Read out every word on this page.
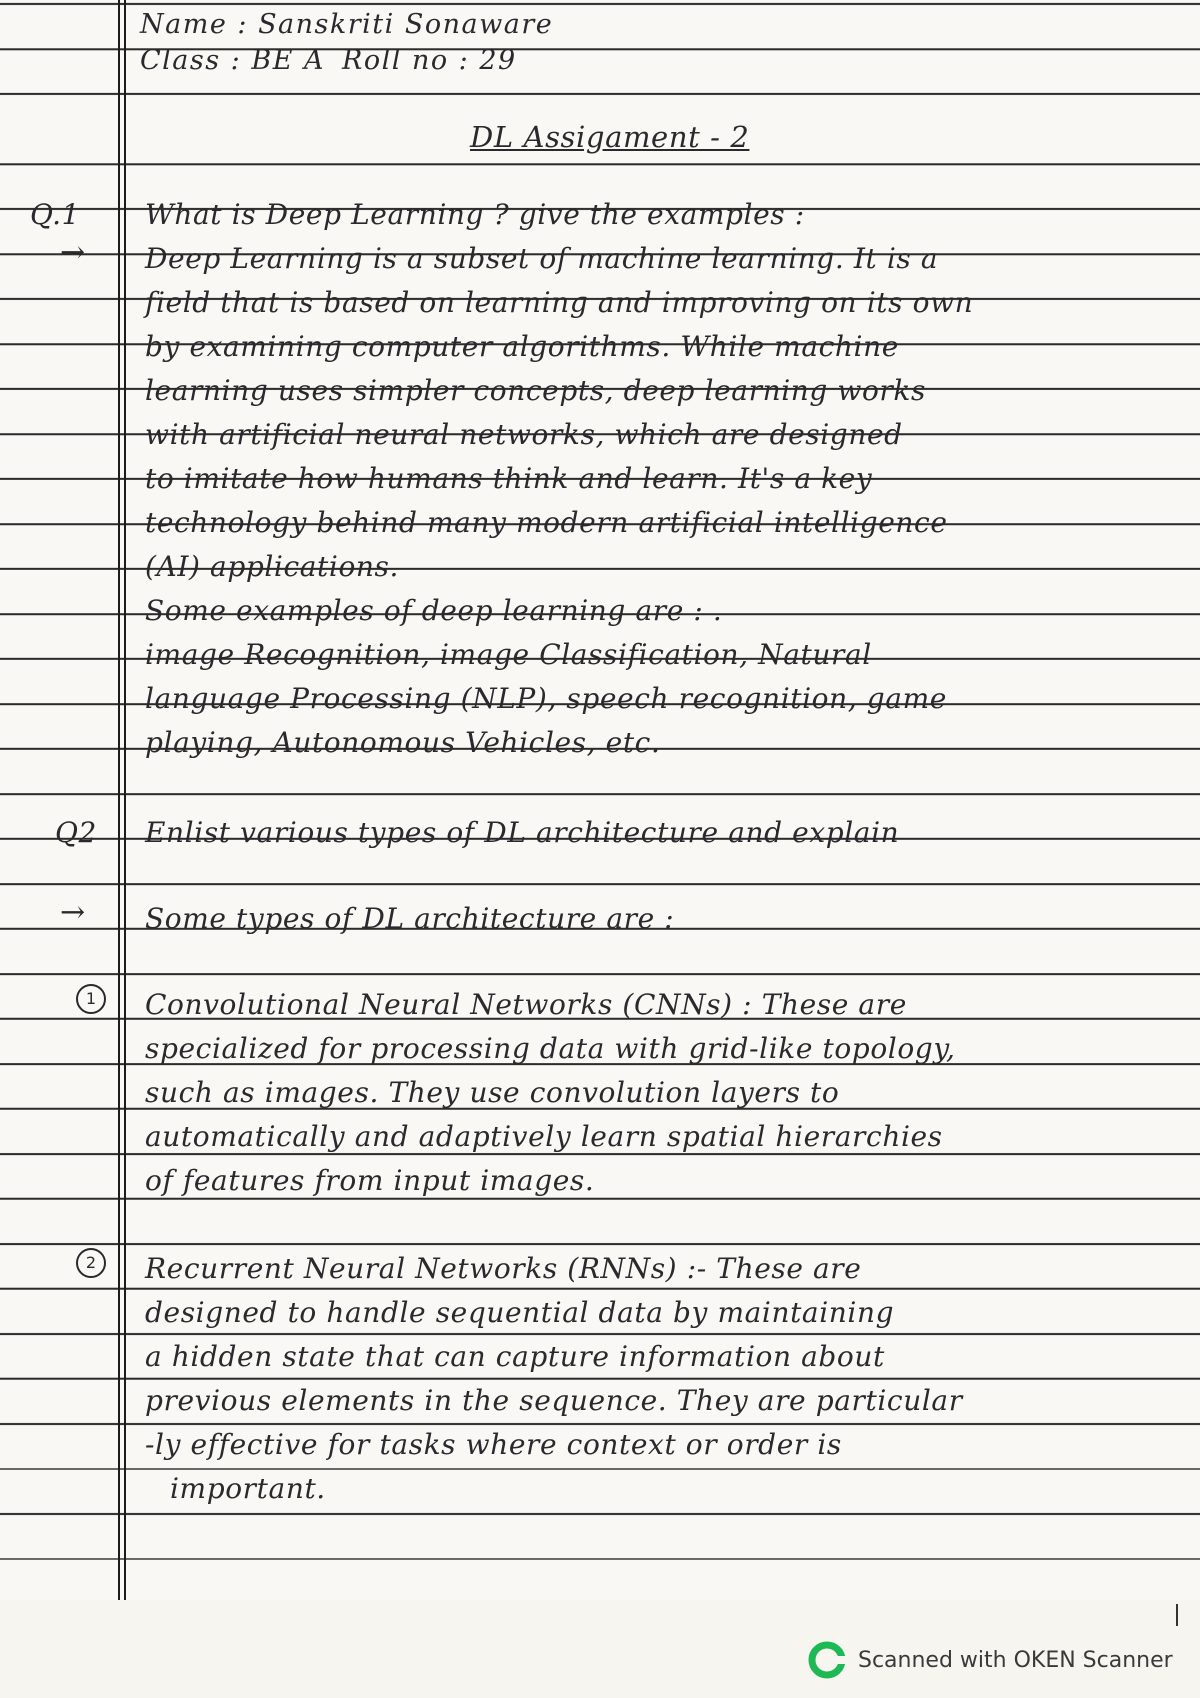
Name : Sanskriti Sonaware
Class : BE A Roll no : 29
DL Assigament - 2
Q.1 What is Deep Learning ? give the examples :
→ Deep Learning is a subset of machine learning. It is a
field that is based on learning and improving on its own
by examining computer algorithms. While machine
learning uses simpler concepts, deep learning works
with artificial neural networks, which are designed
to imitate how humans think and learn. It's a key
technology behind many modern artificial intelligence
(AI) applications.
Some examples of deep learning are : .
image Recognition, image Classification, Natural
language Processing (NLP), speech recognition, game
playing, Autonomous Vehicles, etc.
Q2 Enlist various types of DL architecture and explain
→ Some types of DL architecture are :
1	Convolutional Neural Networks (CNNs) : These are
specialized for processing data with grid-like topology,
such as images. They use convolution layers to
automatically and adaptively learn spatial hierarchies
of features from input images.
2	Recurrent Neural Networks (RNNs) :- These are
designed to handle sequential data by maintaining
a hidden state that can capture information about
previous elements in the sequence. They are particular
-ly effective for tasks where context or order is
important.
Scanned with OKEN Scanner
